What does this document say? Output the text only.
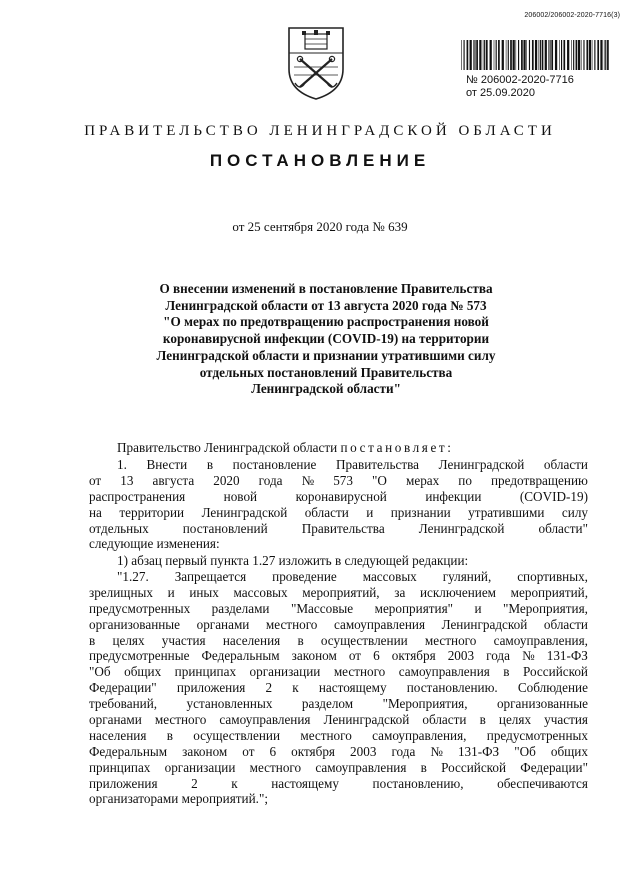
206002/206002-2020-7716(3)
№ 206002-2020-7716
от 25.09.2020
ПРАВИТЕЛЬСТВО ЛЕНИНГРАДСКОЙ ОБЛАСТИ
ПОСТАНОВЛЕНИЕ
от 25 сентября 2020 года № 639
О внесении изменений в постановление Правительства
Ленинградской области от 13 августа 2020 года № 573
"О мерах по предотвращению распространения новой
коронавирусной инфекции (COVID-19) на территории
Ленинградской области и признании утратившими силу
отдельных постановлений Правительства
Ленинградской области"
Правительство Ленинградской области постановляет:
1. Внести в постановление Правительства Ленинградской области
от 13 августа 2020 года № 573 "О мерах по предотвращению
распространения	новой	коронавирусной	инфекции	(COVID-19)
на территории Ленинградской области и признании утратившими силу
отдельных	постановлений	Правительства	Ленинградской	области"
следующие изменения:
1) абзац первый пункта 1.27 изложить в следующей редакции:
"1.27. Запрещается проведение массовых гуляний, спортивных,
зрелищных и иных массовых мероприятий, за исключением мероприятий,
предусмотренных разделами "Массовые мероприятия" и "Мероприятия,
организованные органами местного самоуправления Ленинградской области
в целях участия населения в осуществлении местного самоуправления,
предусмотренные Федеральным законом от 6 октября 2003 года № 131-ФЗ
"Об общих принципах организации местного самоуправления в Российской
Федерации" приложения 2 к настоящему постановлению. Соблюдение
требований, установленных разделом "Мероприятия, организованные
органами местного самоуправления Ленинградской области в целях участия
населения в осуществлении местного самоуправления, предусмотренных
Федеральным законом от 6 октября 2003 года № 131-ФЗ "Об общих
принципах организации местного самоуправления в Российской Федерации"
приложения	2	к	настоящему	постановлению,	обеспечиваются
организаторами мероприятий.";
